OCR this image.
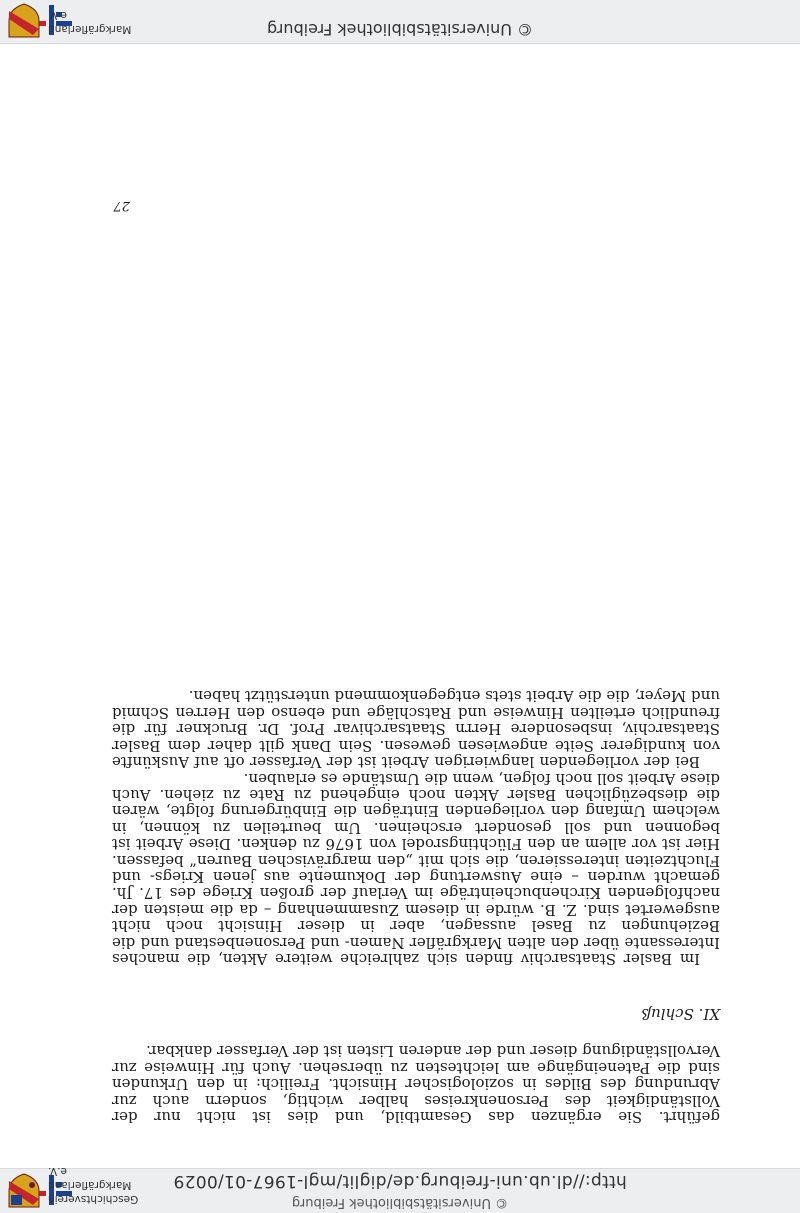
© Universitätsbibliothek Freiburg
http://dl.ub.uni-freiburg.de/diglit/mgl-1967-01/0029
Geschichtsverein Markgräflerland e.V.
geführt. Sie ergänzen das Gesamtbild, und dies ist nicht nur der Vollständigkeit des Personenkreises halber wichtig, sondern auch zur Abrundung des Bildes in soziologischer Hinsicht. Freilich: in den Urkunden sind die Pateneingänge am leichtesten zu übersehen. Auch für Hinweise zur Vervollständigung dieser und der anderen Listen ist der Verfasser dankbar.
XI. Schluß

Im Basler Staatsarchiv finden sich zahlreiche weitere Akten, die manches Interessante über den alten Markgräfler Namen- und Personenbestand und die Beziehungen zu Basel aussagen, aber in dieser Hinsicht noch nicht ausgewertet sind. Z. B. würde in diesem Zusammenhang – da die meisten der nachfolgenden Kirchenbucheinträge im Verlauf der großen Kriege des 17. Jh. gemacht wurden – eine Auswertung der Dokumente aus jenen Kriegs- und Fluchtzeiten interessieren, die sich mit „den margrävischen Bauren“ befassen. Hier ist vor allem an den Flüchtingsrodel von 1676 zu denken. Diese Arbeit ist begonnen und soll gesondert erscheinen. Um beurteilen zu können, in welchem Umfang den vorliegenden Einträgen die Einbürgerung folgte, wären die diesbezüglichen Basler Akten noch eingehend zu Rate zu ziehen. Auch diese Arbeit soll noch folgen, wenn die Umstände es erlauben.

Bei der vorliegenden langwierigen Arbeit ist der Verfasser oft auf Auskünfte von kundigerer Seite angewiesen gewesen. Sein Dank gilt daher dem Basler Staatsarchiv, insbesondere Herrn Staatsarchivar Prof. Dr. Bruckner für die freundlich erteilten Hinweise und Ratschläge und ebenso den Herren Schmid und Meyer, die die Arbeit stets entgegenkommend unterstützt haben.

27
© Universitätsbibliothek Freiburg
Markgräflerland e.V.
